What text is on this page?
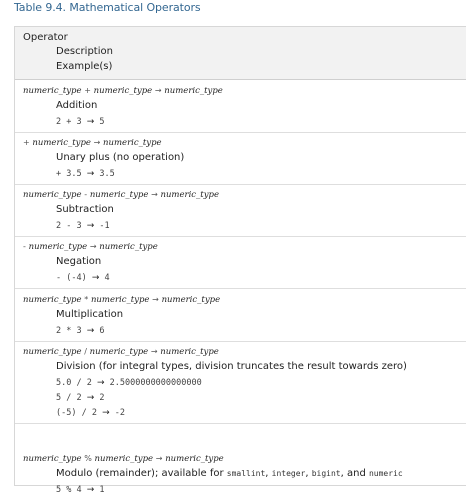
Table 9.4. Mathematical Operators
Operator
Description
Example(s)
numeric_type + numeric_type → numeric_type
Addition
2 + 3 → 5
+ numeric_type → numeric_type
Unary plus (no operation)
+ 3.5 → 3.5
numeric_type - numeric_type → numeric_type
Subtraction
2 - 3 → -1
- numeric_type → numeric_type
Negation
- (-4) → 4
numeric_type * numeric_type → numeric_type
Multiplication
2 * 3 → 6
numeric_type / numeric_type → numeric_type
Division (for integral types, division truncates the result towards zero)
5.0 / 2 → 2.5000000000000000
5 / 2 → 2
(-5) / 2 → -2
numeric_type % numeric_type → numeric_type
Modulo (remainder); available for smallint, integer, bigint, and numeric
5 % 4 → 1
